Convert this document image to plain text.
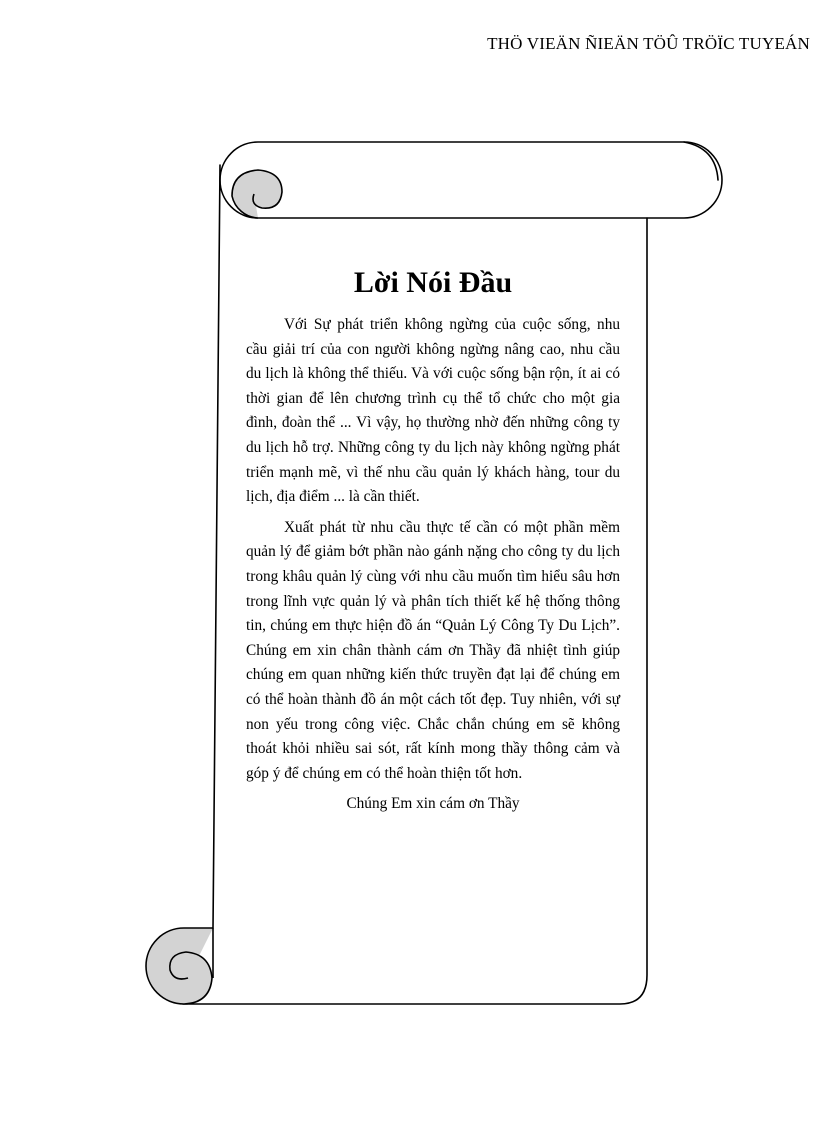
THÖ VIEÄN ÑIEÄN TÖÛ TRÖÏC TUYEÁN
Lời Nói Đầu

Với Sự phát triển không ngừng của cuộc sống, nhu cầu giải trí của con người không ngừng nâng cao, nhu cầu du lịch là không thể thiếu. Và với cuộc sống bận rộn, ít ai có thời gian để lên chương trình cụ thể tổ chức cho một gia đình, đoàn thể ... Vì vậy, họ thường nhờ đến những công ty du lịch hỗ trợ. Những công ty du lịch này không ngừng phát triển mạnh mẽ, vì thế nhu cầu quản lý khách hàng, tour du lịch, địa điểm ... là cần thiết.

Xuất phát từ nhu cầu thực tế cần có một phần mềm quản lý để giảm bớt phần nào gánh nặng cho công ty du lịch trong khâu quản lý cùng với nhu cầu muốn tìm hiểu sâu hơn trong lĩnh vực quản lý và phân tích thiết kế hệ thống thông tin, chúng em thực hiện đồ án “Quản Lý Công Ty Du Lịch”. Chúng em xin chân thành cám ơn Thầy đã nhiệt tình giúp chúng em quan những kiến thức truyền đạt lại để chúng em có thể hoàn thành đồ án một cách tốt đẹp. Tuy nhiên, với sự non yếu trong công việc. Chắc chắn chúng em sẽ không thoát khỏi nhiều sai sót, rất kính mong thầy thông cảm và góp ý để chúng em có thể hoàn thiện tốt hơn.

Chúng Em xin cám ơn Thầy
